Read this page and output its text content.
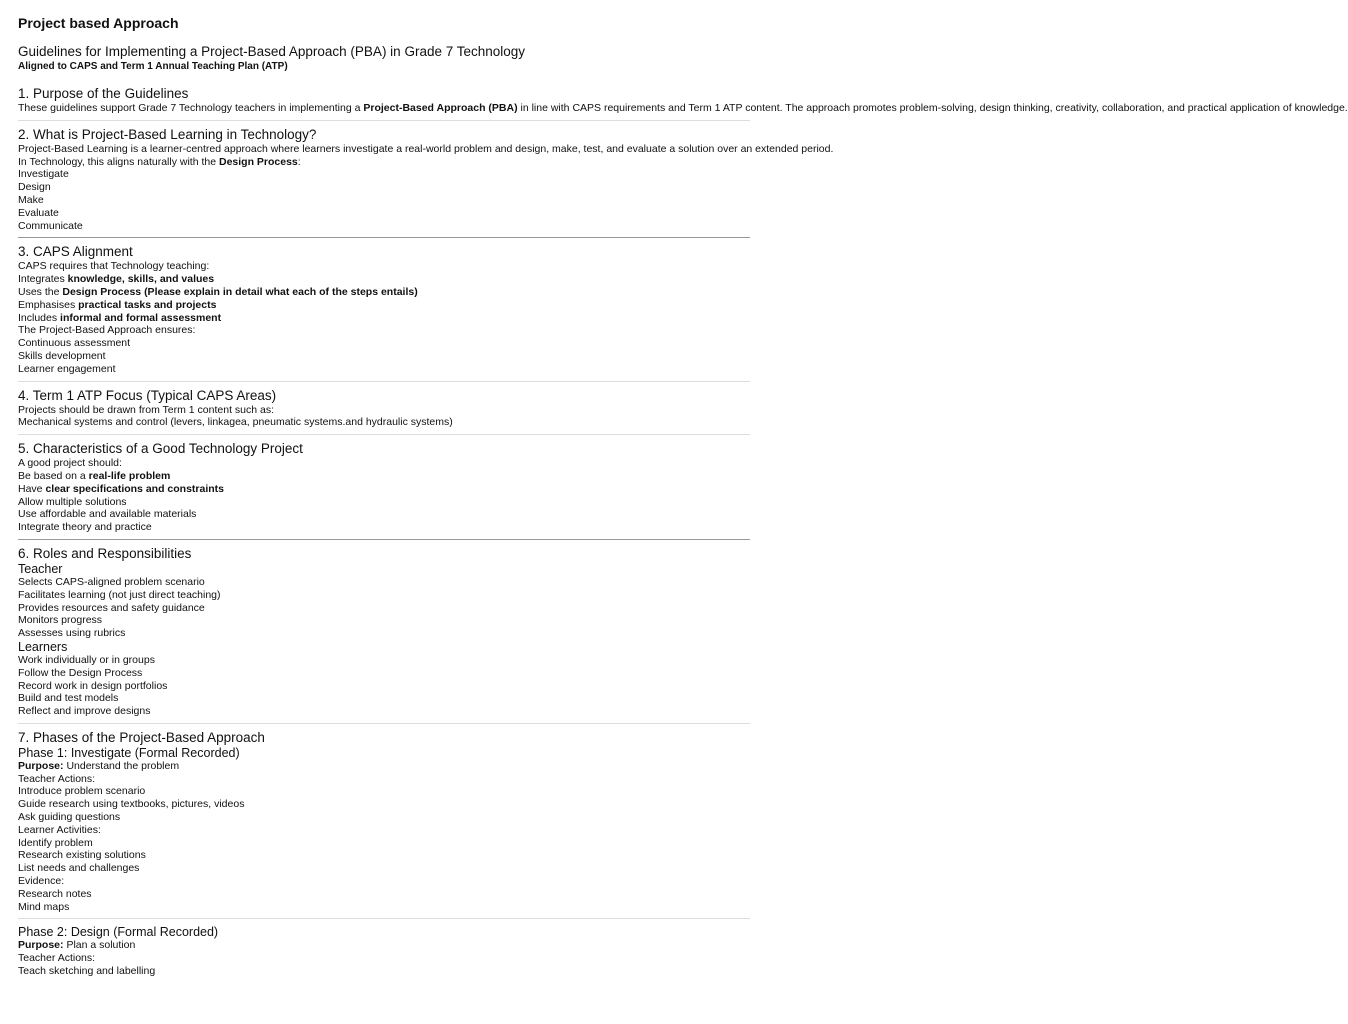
Project based Approach

Guidelines for Implementing a Project-Based Approach (PBA) in Grade 7 Technology

Aligned to CAPS and Term 1 Annual Teaching Plan (ATP)

1. Purpose of the Guidelines

These guidelines support Grade 7 Technology teachers in implementing a Project-Based Approach (PBA) in line with CAPS requirements and Term 1 ATP content. The approach promotes problem-solving, design thinking, creativity, collaboration, and practical application of knowledge.

2. What is Project-Based Learning in Technology?

Project-Based Learning is a learner-centred approach where learners investigate a real-world problem and design, make, test, and evaluate a solution over an extended period.

In Technology, this aligns naturally with the Design Process:

Investigate

Design

Make

Evaluate

Communicate

3. CAPS Alignment

CAPS requires that Technology teaching:

Integrates knowledge, skills, and values

Uses the Design Process (Please explain in detail what each of the steps entails)

Emphasises practical tasks and projects

Includes informal and formal assessment

The Project-Based Approach ensures:

Continuous assessment

Skills development

Learner engagement

4. Term 1 ATP Focus (Typical CAPS Areas)

Projects should be drawn from Term 1 content such as:

Mechanical systems and control (levers, linkagea, pneumatic systems.and hydraulic systems)

5. Characteristics of a Good Technology Project

A good project should:

Be based on a real-life problem

Have clear specifications and constraints

Allow multiple solutions

Use affordable and available materials

Integrate theory and practice

6. Roles and Responsibilities

Teacher

Selects CAPS-aligned problem scenario

Facilitates learning (not just direct teaching)

Provides resources and safety guidance

Monitors progress

Assesses using rubrics

Learners

Work individually or in groups

Follow the Design Process

Record work in design portfolios

Build and test models

Reflect and improve designs

7. Phases of the Project-Based Approach

Phase 1: Investigate (Formal Recorded)

Purpose: Understand the problem

Teacher Actions:

Introduce problem scenario

Guide research using textbooks, pictures, videos

Ask guiding questions

Learner Activities:

Identify problem

Research existing solutions

List needs and challenges

Evidence:

Research notes

Mind maps

Phase 2: Design (Formal Recorded)

Purpose: Plan a solution

Teacher Actions:

Teach sketching and labelling
